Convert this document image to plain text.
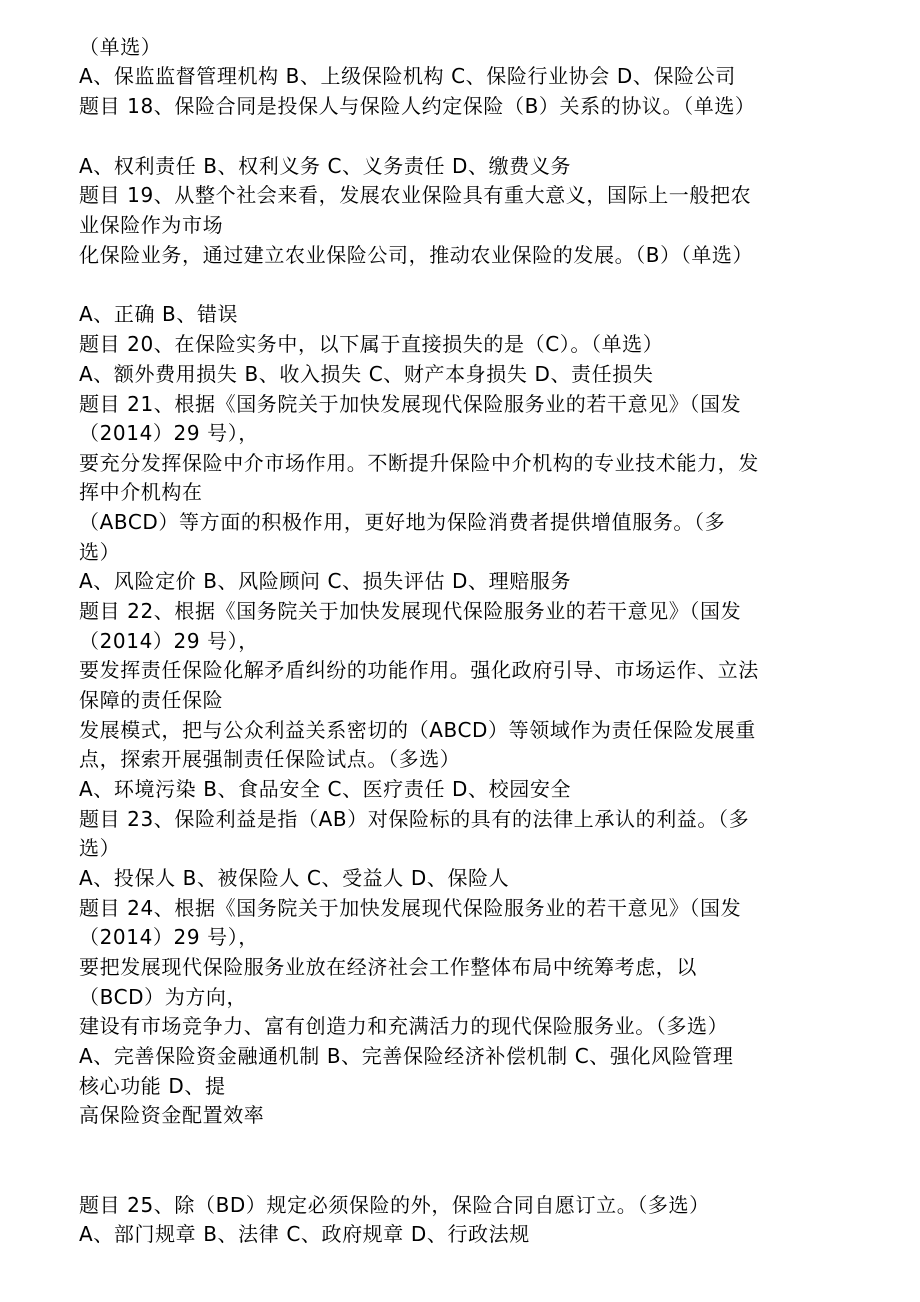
（单选）
A、保监监督管理机构 B、上级保险机构 C、保险行业协会 D、保险公司
题目 18、保险合同是投保人与保险人约定保险（B）关系的协议。（单选）
A、权利责任 B、权利义务 C、义务责任 D、缴费义务
题目 19、从整个社会来看，发展农业保险具有重大意义，国际上一般把农
业保险作为市场
化保险业务，通过建立农业保险公司，推动农业保险的发展。（B）（单选）
A、正确 B、错误
题目 20、在保险实务中，以下属于直接损失的是（C）。（单选）
A、额外费用损失 B、收入损失 C、财产本身损失 D、责任损失
题目 21、根据《国务院关于加快发展现代保险服务业的若干意见》（国发
（2014）29 号），
要充分发挥保险中介市场作用。不断提升保险中介机构的专业技术能力，发
挥中介机构在
（ABCD）等方面的积极作用，更好地为保险消费者提供增值服务。（多
选）
A、风险定价 B、风险顾问 C、损失评估 D、理赔服务
题目 22、根据《国务院关于加快发展现代保险服务业的若干意见》（国发
（2014）29 号），
要发挥责任保险化解矛盾纠纷的功能作用。强化政府引导、市场运作、立法
保障的责任保险
发展模式，把与公众利益关系密切的（ABCD）等领域作为责任保险发展重
点，探索开展强制责任保险试点。（多选）
A、环境污染 B、食品安全 C、医疗责任 D、校园安全
题目 23、保险利益是指（AB）对保险标的具有的法律上承认的利益。（多
选）
A、投保人 B、被保险人 C、受益人 D、保险人
题目 24、根据《国务院关于加快发展现代保险服务业的若干意见》（国发
（2014）29 号），
要把发展现代保险服务业放在经济社会工作整体布局中统筹考虑，以
（BCD）为方向，
建设有市场竞争力、富有创造力和充满活力的现代保险服务业。（多选）
A、完善保险资金融通机制 B、完善保险经济补偿机制 C、强化风险管理
核心功能 D、提
高保险资金配置效率
题目 25、除（BD）规定必须保险的外，保险合同自愿订立。（多选）
A、部门规章 B、法律 C、政府规章 D、行政法规
